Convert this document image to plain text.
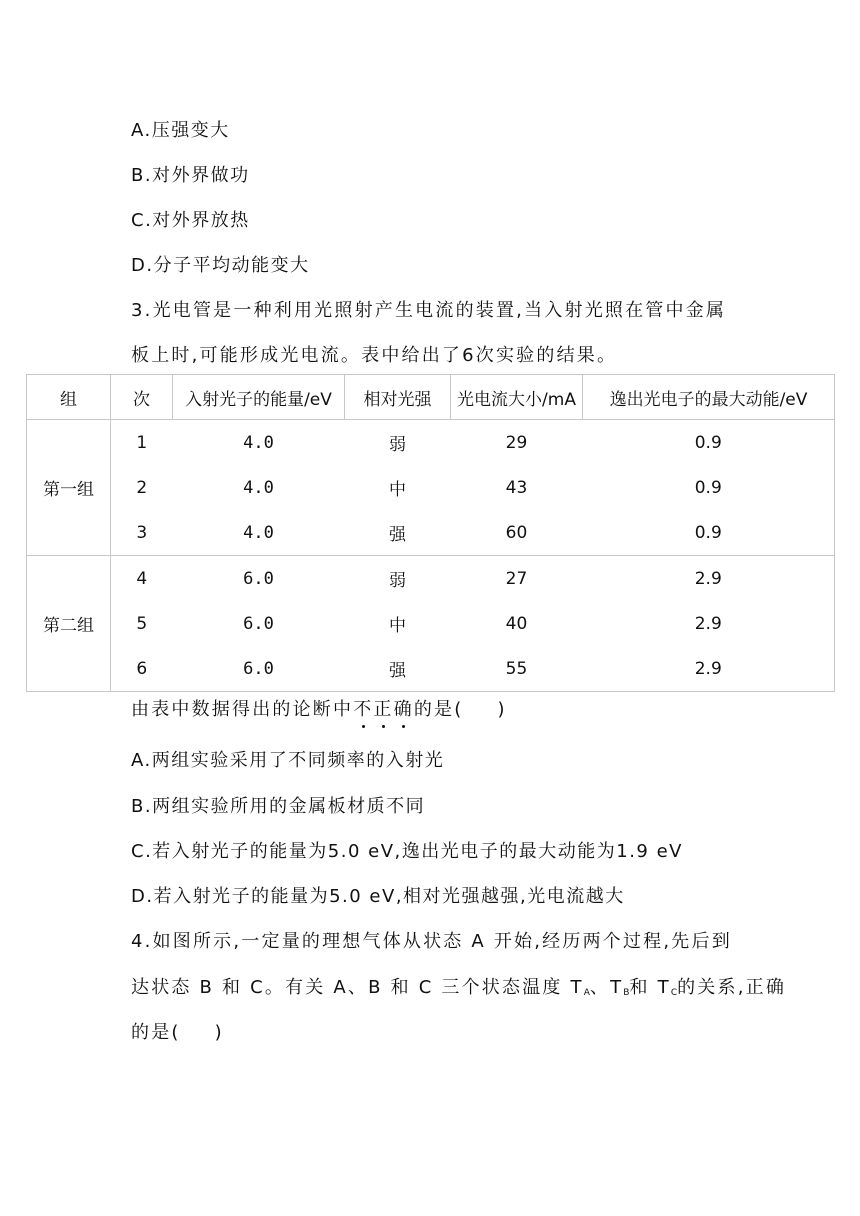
A.压强变大
B.对外界做功
C.对外界放热
D.分子平均动能变大
3.光电管是一种利用光照射产生电流的装置,当入射光照在管中金属
板上时,可能形成光电流。表中给出了6次实验的结果。
组	次	入射光子的能量/eV	相对光强	光电流大小/mA	逸出光电子的最大动能/eV
第一组	1	4.0	弱	29	0.9
	2	4.0	中	43	0.9
	3	4.0	强	60	0.9
第二组	4	6.0	弱	27	2.9
	5	6.0	中	40	2.9
	6	6.0	强	55	2.9
由表中数据得出的论断中不正确的是( )
A.两组实验采用了不同频率的入射光
B.两组实验所用的金属板材质不同
C.若入射光子的能量为5.0 eV,逸出光电子的最大动能为1.9 eV
D.若入射光子的能量为5.0 eV,相对光强越强,光电流越大
4.如图所示,一定量的理想气体从状态 A 开始,经历两个过程,先后到
达状态 B 和 C。有关 A、B 和 C 三个状态温度 $T_A$、$T_B$和 $T_C$的关系,正确
的是( )
